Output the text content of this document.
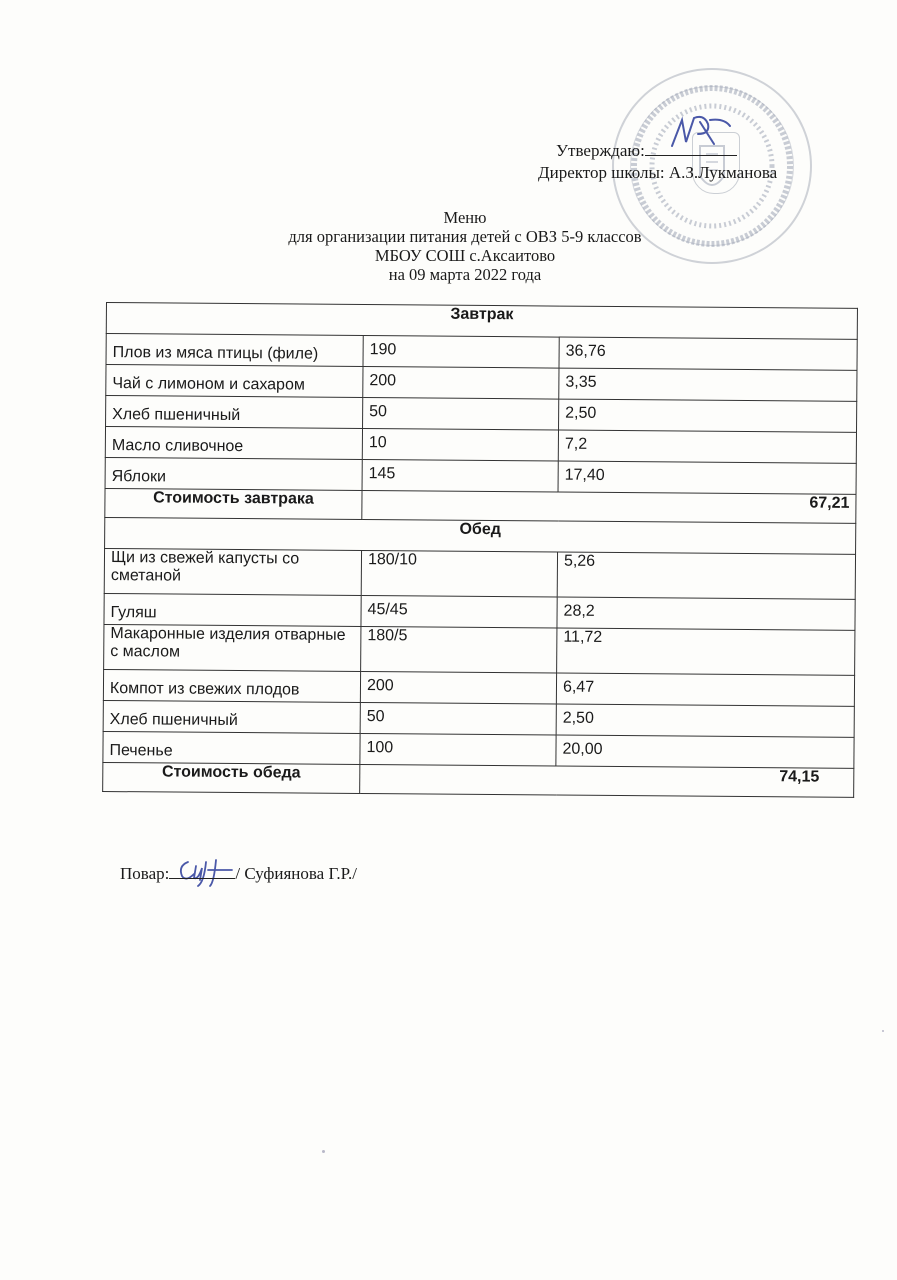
Утверждаю:
Директор школы: А.З.Лукманова
Меню
для организации питания детей с ОВЗ 5-9 классов
МБОУ СОШ с.Аксаитово
на 09 марта 2022 года
Завтрак		
Плов из мяса птицы (филе)	190	36,76
Чай с лимоном и сахаром	200	3,35
Хлеб пшеничный	50	2,50
Масло сливочное	10	7,2
Яблоки	145	17,40
Стоимость завтрака	67,21	
Обед		
Щи из свежей капусты со сметаной	180/10	5,26
Гуляш	45/45	28,2
Макаронные изделия отварные с маслом	180/5	11,72
Компот из свежих плодов	200	6,47
Хлеб пшеничный	50	2,50
Печенье	100	20,00
Стоимость обеда	74,15	
Повар:	/ Суфиянова Г.Р./
